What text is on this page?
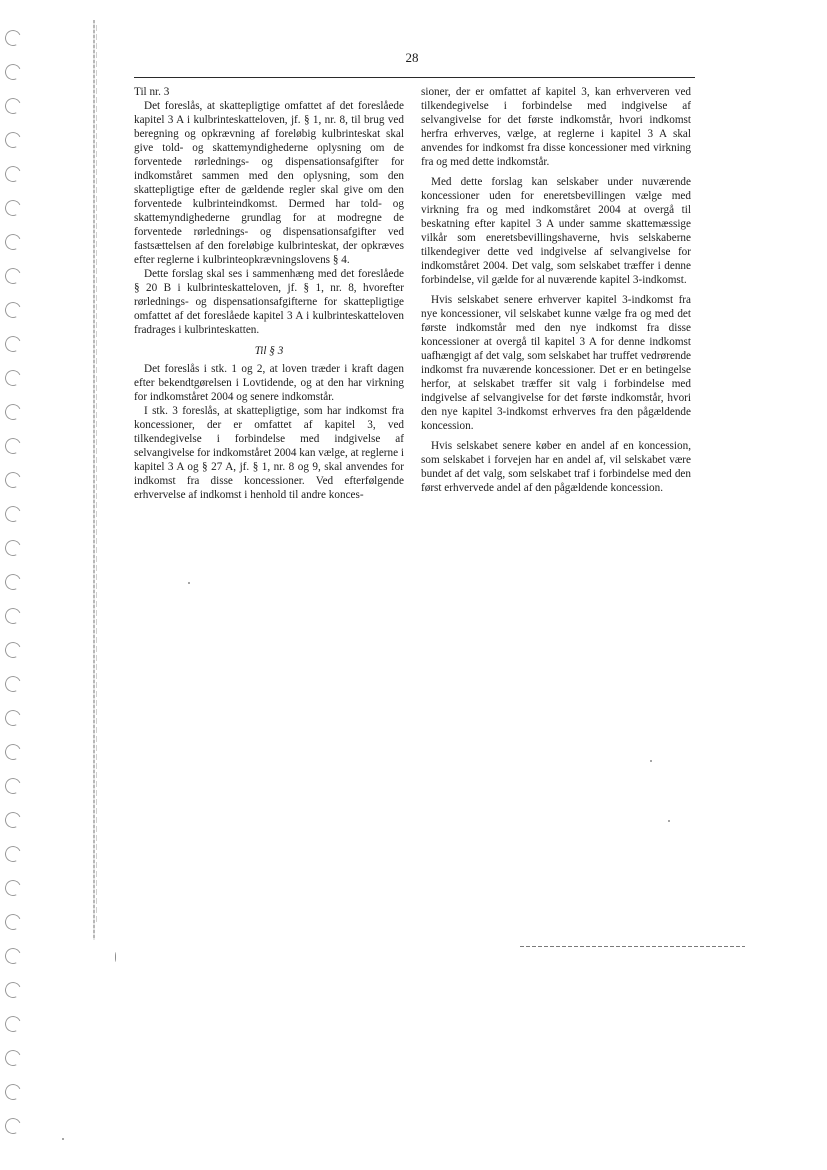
28

Til nr. 3

Det foreslås, at skattepligtige omfattet af det foreslåede kapitel 3 A i kulbrinteskatteloven, jf. § 1, nr. 8, til brug ved beregning og opkrævning af foreløbig kulbrinteskat skal give told- og skattemyndighederne oplysning om de forventede rørlednings- og dispensationsafgifter for indkomståret sammen med den oplysning, som den skattepligtige efter de gældende regler skal give om den forventede kulbrinteindkomst. Dermed har told- og skattemyndighederne grundlag for at modregne de forventede rørlednings- og dispensationsafgifter ved fastsættelsen af den foreløbige kulbrinteskat, der opkræves efter reglerne i kulbrinteopkrævningslovens § 4.

Dette forslag skal ses i sammenhæng med det foreslåede § 20 B i kulbrinteskatteloven, jf. § 1, nr. 8, hvorefter rørlednings- og dispensationsafgifterne for skattepligtige omfattet af det foreslåede kapitel 3 A i kulbrinteskatteloven fradrages i kulbrinteskatten.

Til § 3

Det foreslås i stk. 1 og 2, at loven træder i kraft dagen efter bekendtgørelsen i Lovtidende, og at den har virkning for indkomståret 2004 og senere indkomstår.

I stk. 3 foreslås, at skattepligtige, som har indkomst fra koncessioner, der er omfattet af kapitel 3, ved tilkendegivelse i forbindelse med indgivelse af selvangivelse for indkomståret 2004 kan vælge, at reglerne i kapitel 3 A og § 27 A, jf. § 1, nr. 8 og 9, skal anvendes for indkomst fra disse koncessioner. Ved efterfølgende erhvervelse af indkomst i henhold til andre konces-

sioner, der er omfattet af kapitel 3, kan erhververen ved tilkendegivelse i forbindelse med indgivelse af selvangivelse for det første indkomstår, hvori indkomst herfra erhverves, vælge, at reglerne i kapitel 3 A skal anvendes for indkomst fra disse koncessioner med virkning fra og med dette indkomstår.

Med dette forslag kan selskaber under nuværende koncessioner uden for eneretsbevillingen vælge med virkning fra og med indkomståret 2004 at overgå til beskatning efter kapitel 3 A under samme skattemæssige vilkår som eneretsbevillingshaverne, hvis selskaberne tilkendegiver dette ved indgivelse af selvangivelse for indkomståret 2004. Det valg, som selskabet træffer i denne forbindelse, vil gælde for al nuværende kapitel 3-indkomst.

Hvis selskabet senere erhverver kapitel 3-indkomst fra nye koncessioner, vil selskabet kunne vælge fra og med det første indkomstår med den nye indkomst fra disse koncessioner at overgå til kapitel 3 A for denne indkomst uafhængigt af det valg, som selskabet har truffet vedrørende indkomst fra nuværende koncessioner. Det er en betingelse herfor, at selskabet træffer sit valg i forbindelse med indgivelse af selvangivelse for det første indkomstår, hvori den nye kapitel 3-indkomst erhverves fra den pågældende koncession.

Hvis selskabet senere køber en andel af en koncession, som selskabet i forvejen har en andel af, vil selskabet være bundet af det valg, som selskabet traf i forbindelse med den først erhvervede andel af den pågældende koncession.
